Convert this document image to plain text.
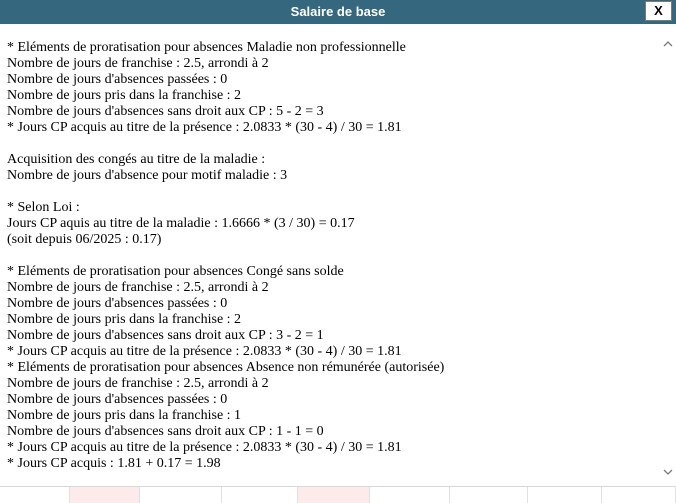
Salaire de base	X
* Eléments de proratisation pour absences Maladie non professionnelle
Nombre de jours de franchise : 2.5, arrondi à 2
Nombre de jours d'absences passées : 0
Nombre de jours pris dans la franchise : 2
Nombre de jours d'absences sans droit aux CP : 5 - 2 = 3
* Jours CP acquis au titre de la présence : 2.0833 * (30 - 4) / 30 = 1.81
Acquisition des congés au titre de la maladie :
Nombre de jours d'absence pour motif maladie : 3
* Selon Loi :
Jours CP aquis au titre de la maladie : 1.6666 * (3 / 30) = 0.17
(soit depuis 06/2025 : 0.17)
* Eléments de proratisation pour absences Congé sans solde
Nombre de jours de franchise : 2.5, arrondi à 2
Nombre de jours d'absences passées : 0
Nombre de jours pris dans la franchise : 2
Nombre de jours d'absences sans droit aux CP : 3 - 2 = 1
* Jours CP acquis au titre de la présence : 2.0833 * (30 - 4) / 30 = 1.81
* Eléments de proratisation pour absences Absence non rémunérée (autorisée)
Nombre de jours de franchise : 2.5, arrondi à 2
Nombre de jours d'absences passées : 0
Nombre de jours pris dans la franchise : 1
Nombre de jours d'absences sans droit aux CP : 1 - 1 = 0
* Jours CP acquis au titre de la présence : 2.0833 * (30 - 4) / 30 = 1.81
* Jours CP acquis : 1.81 + 0.17 = 1.98
